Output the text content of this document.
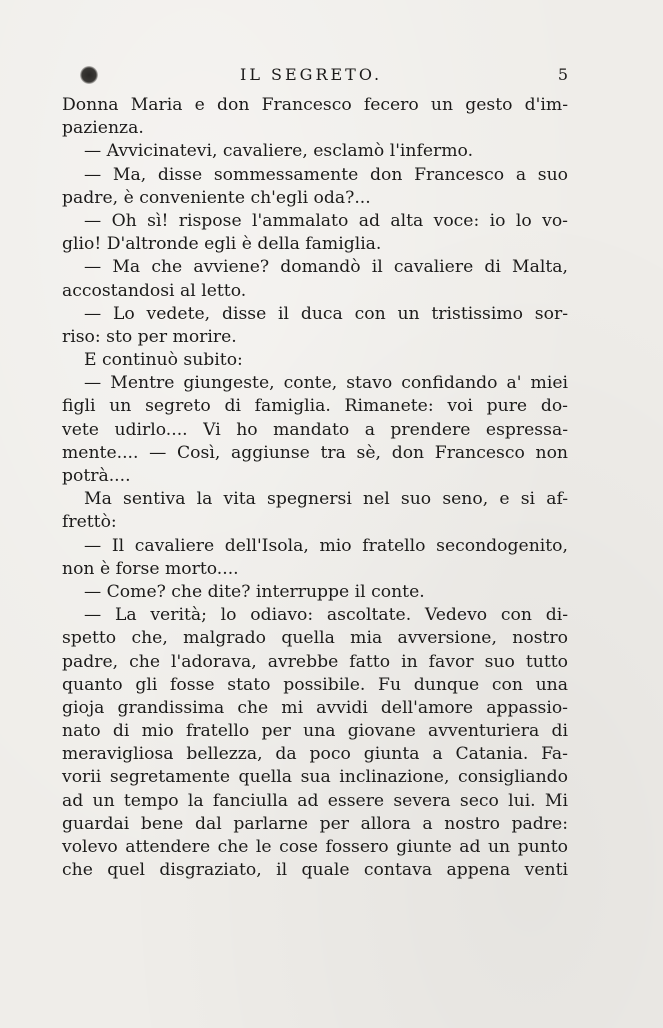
IL SEGRETO.	5
Donna Maria e don Francesco fecero un gesto d'im-
pazienza.
— Avvicinatevi, cavaliere, esclamò l'infermo.
— Ma, disse sommessamente don Francesco a suo
padre, è conveniente ch'egli oda?...
— Oh sì! rispose l'ammalato ad alta voce: io lo vo-
glio! D'altronde egli è della famiglia.
— Ma che avviene? domandò il cavaliere di Malta,
accostandosi al letto.
— Lo vedete, disse il duca con un tristissimo sor-
riso: sto per morire.
E continuò subito:
— Mentre giungeste, conte, stavo confidando a' miei
figli un segreto di famiglia. Rimanete: voi pure do-
vete udirlo.... Vi ho mandato a prendere espressa-
mente.... — Così, aggiunse tra sè, don Francesco non
potrà....
Ma sentiva la vita spegnersi nel suo seno, e si af-
frettò:
— Il cavaliere dell'Isola, mio fratello secondogenito,
non è forse morto....
— Come? che dite? interruppe il conte.
— La verità; lo odiavo: ascoltate. Vedevo con di-
spetto che, malgrado quella mia avversione, nostro
padre, che l'adorava, avrebbe fatto in favor suo tutto
quanto gli fosse stato possibile. Fu dunque con una
gioja grandissima che mi avvidi dell'amore appassio-
nato di mio fratello per una giovane avventuriera di
meravigliosa bellezza, da poco giunta a Catania. Fa-
vorii segretamente quella sua inclinazione, consigliando
ad un tempo la fanciulla ad essere severa seco lui. Mi
guardai bene dal parlarne per allora a nostro padre:
volevo attendere che le cose fossero giunte ad un punto
che quel disgraziato, il quale contava appena venti
